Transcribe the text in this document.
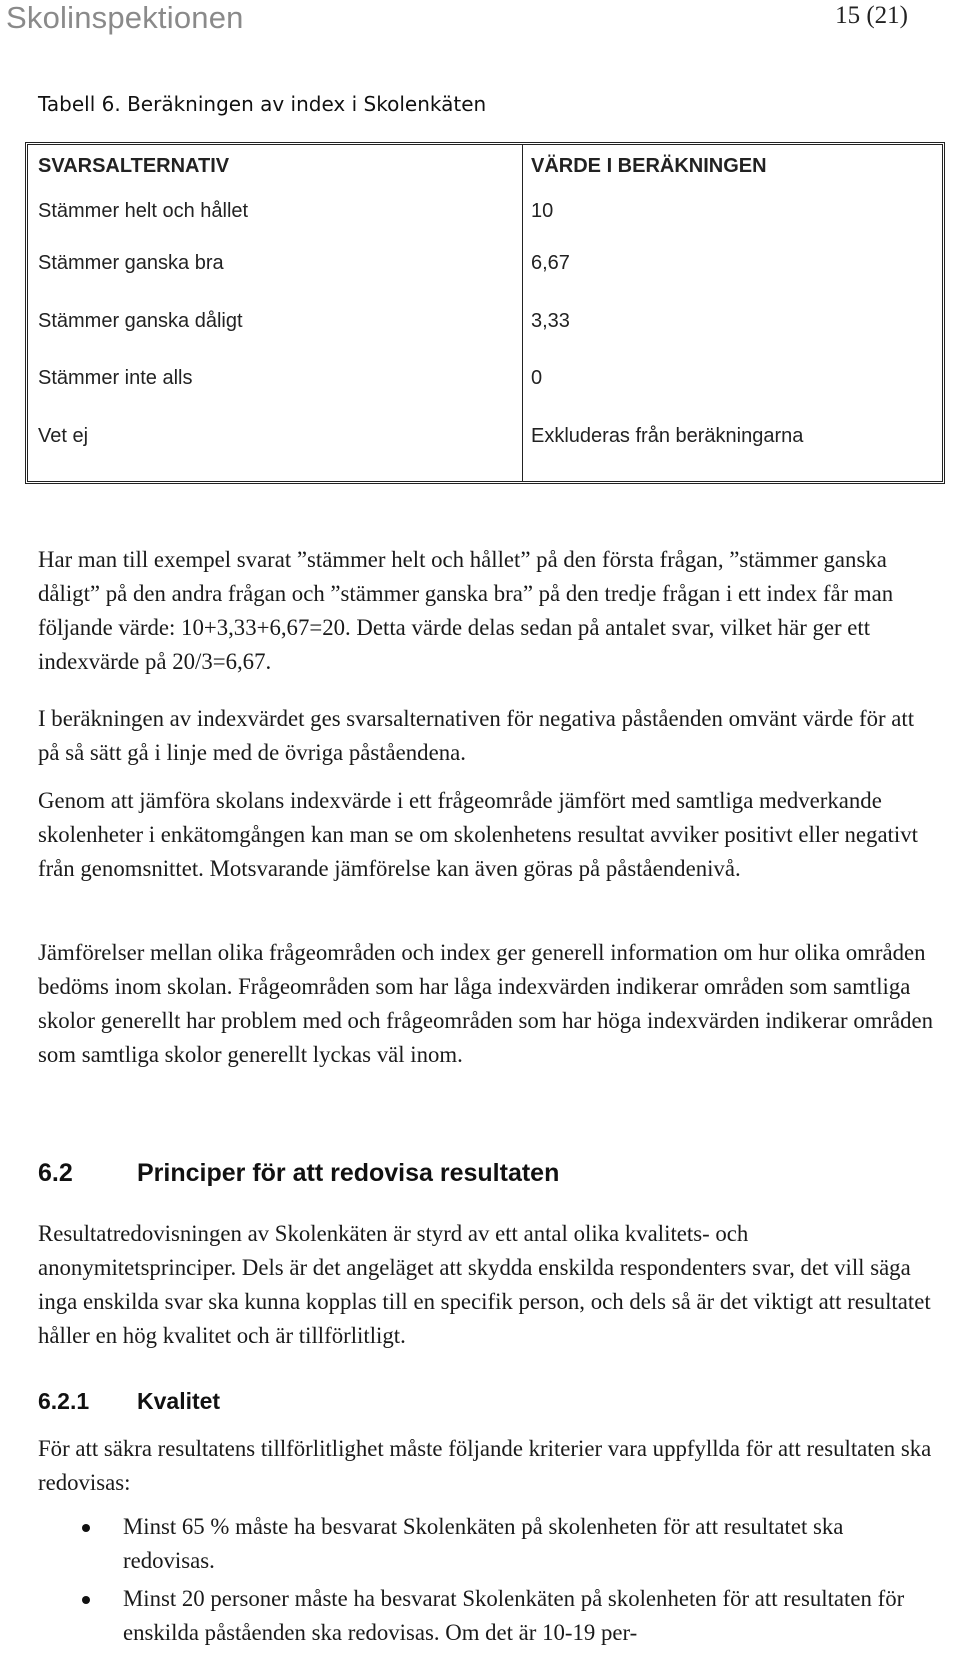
Skolinspektionen	15 (21)
Tabell 6. Beräkningen av index i Skolenkäten
SVARSALTERNATIV	VÄRDE I BERÄKNINGEN
Stämmer helt och hållet	10
Stämmer ganska bra	6,67
Stämmer ganska dåligt	3,33
Stämmer inte alls	0
Vet ej	Exkluderas från beräkningarna

Har man till exempel svarat ”stämmer helt och hållet” på den första frågan, ”stämmer ganska dåligt” på den andra frågan och ”stämmer ganska bra” på den tredje frågan i ett index får man följande värde: 10+3,33+6,67=20. Detta värde delas sedan på antalet svar, vilket här ger ett indexvärde på 20/3=6,67.

I beräkningen av indexvärdet ges svarsalternativen för negativa påståenden omvänt värde för att på så sätt gå i linje med de övriga påståendena.

Genom att jämföra skolans indexvärde i ett frågeområde jämfört med samtliga medverkande skolenheter i enkätomgången kan man se om skolenhetens resultat avviker positivt eller negativt från genomsnittet. Motsvarande jämförelse kan även göras på påståendenivå.

Jämförelser mellan olika frågeområden och index ger generell information om hur olika områden bedöms inom skolan. Frågeområden som har låga indexvärden indikerar områden som samtliga skolor generellt har problem med och frågeområden som har höga indexvärden indikerar områden som samtliga skolor generellt lyckas väl inom.

6.2	Principer för att redovisa resultaten

Resultatredovisningen av Skolenkäten är styrd av ett antal olika kvalitets- och anonymitetsprinciper. Dels är det angeläget att skydda enskilda respondenters svar, det vill säga inga enskilda svar ska kunna kopplas till en specifik person, och dels så är det viktigt att resultatet håller en hög kvalitet och är tillförlitligt.

6.2.1 Kvalitet

För att säkra resultatens tillförlitlighet måste följande kriterier vara uppfyllda för att resultaten ska redovisas:

Minst 65 % måste ha besvarat Skolenkäten på skolenheten för att resultatet ska redovisas.
Minst 20 personer måste ha besvarat Skolenkäten på skolenheten för att resultaten för enskilda påståenden ska redovisas. Om det är 10-19 per-
